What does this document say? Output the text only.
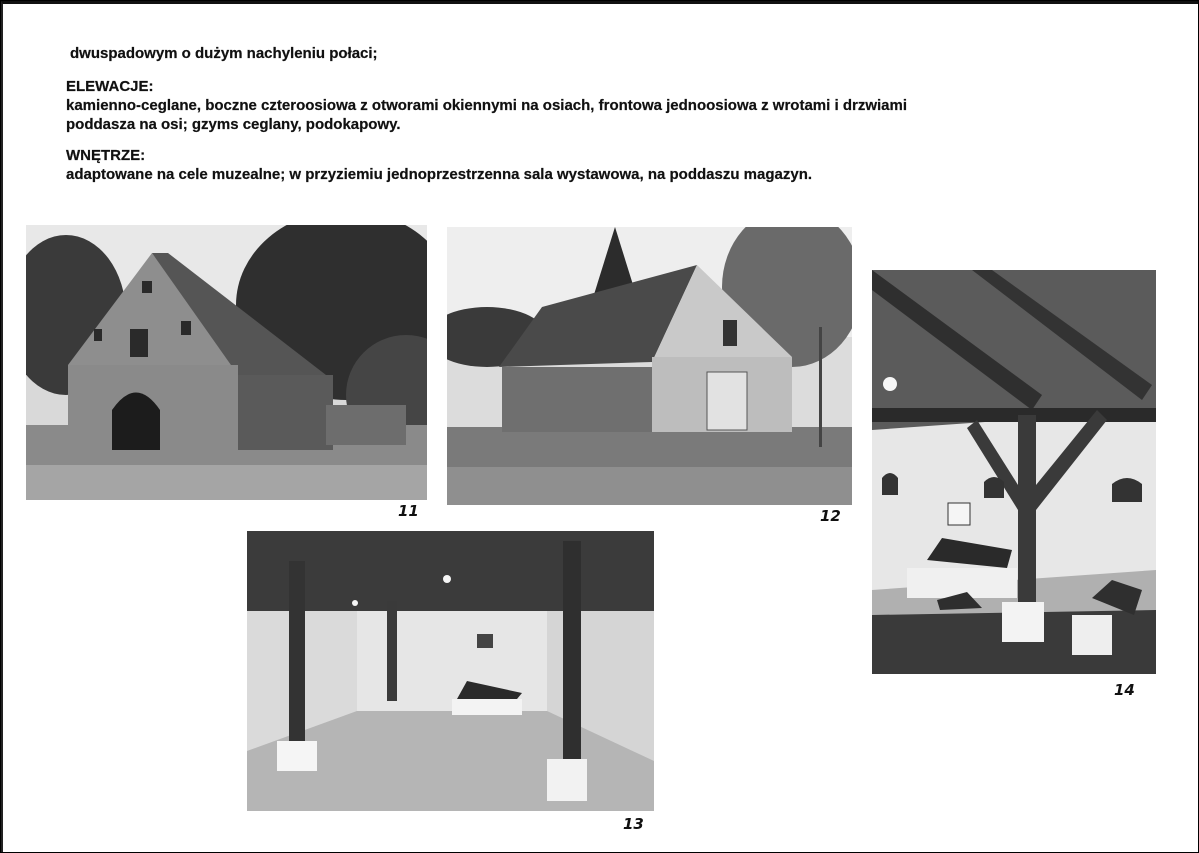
dwuspadowym o dużym nachyleniu połaci;
ELEWACJE:
kamienno-ceglane, boczne czteroosiowa z otworami okiennymi na osiach, frontowa jednoosiowa z wrotami i drzwiami
poddasza na osi; gzyms ceglany, podokapowy.
WNĘTRZE:
adaptowane na cele muzealne; w przyziemiu jednoprzestrzenna sala wystawowa, na poddaszu magazyn.
11	12
13
14
